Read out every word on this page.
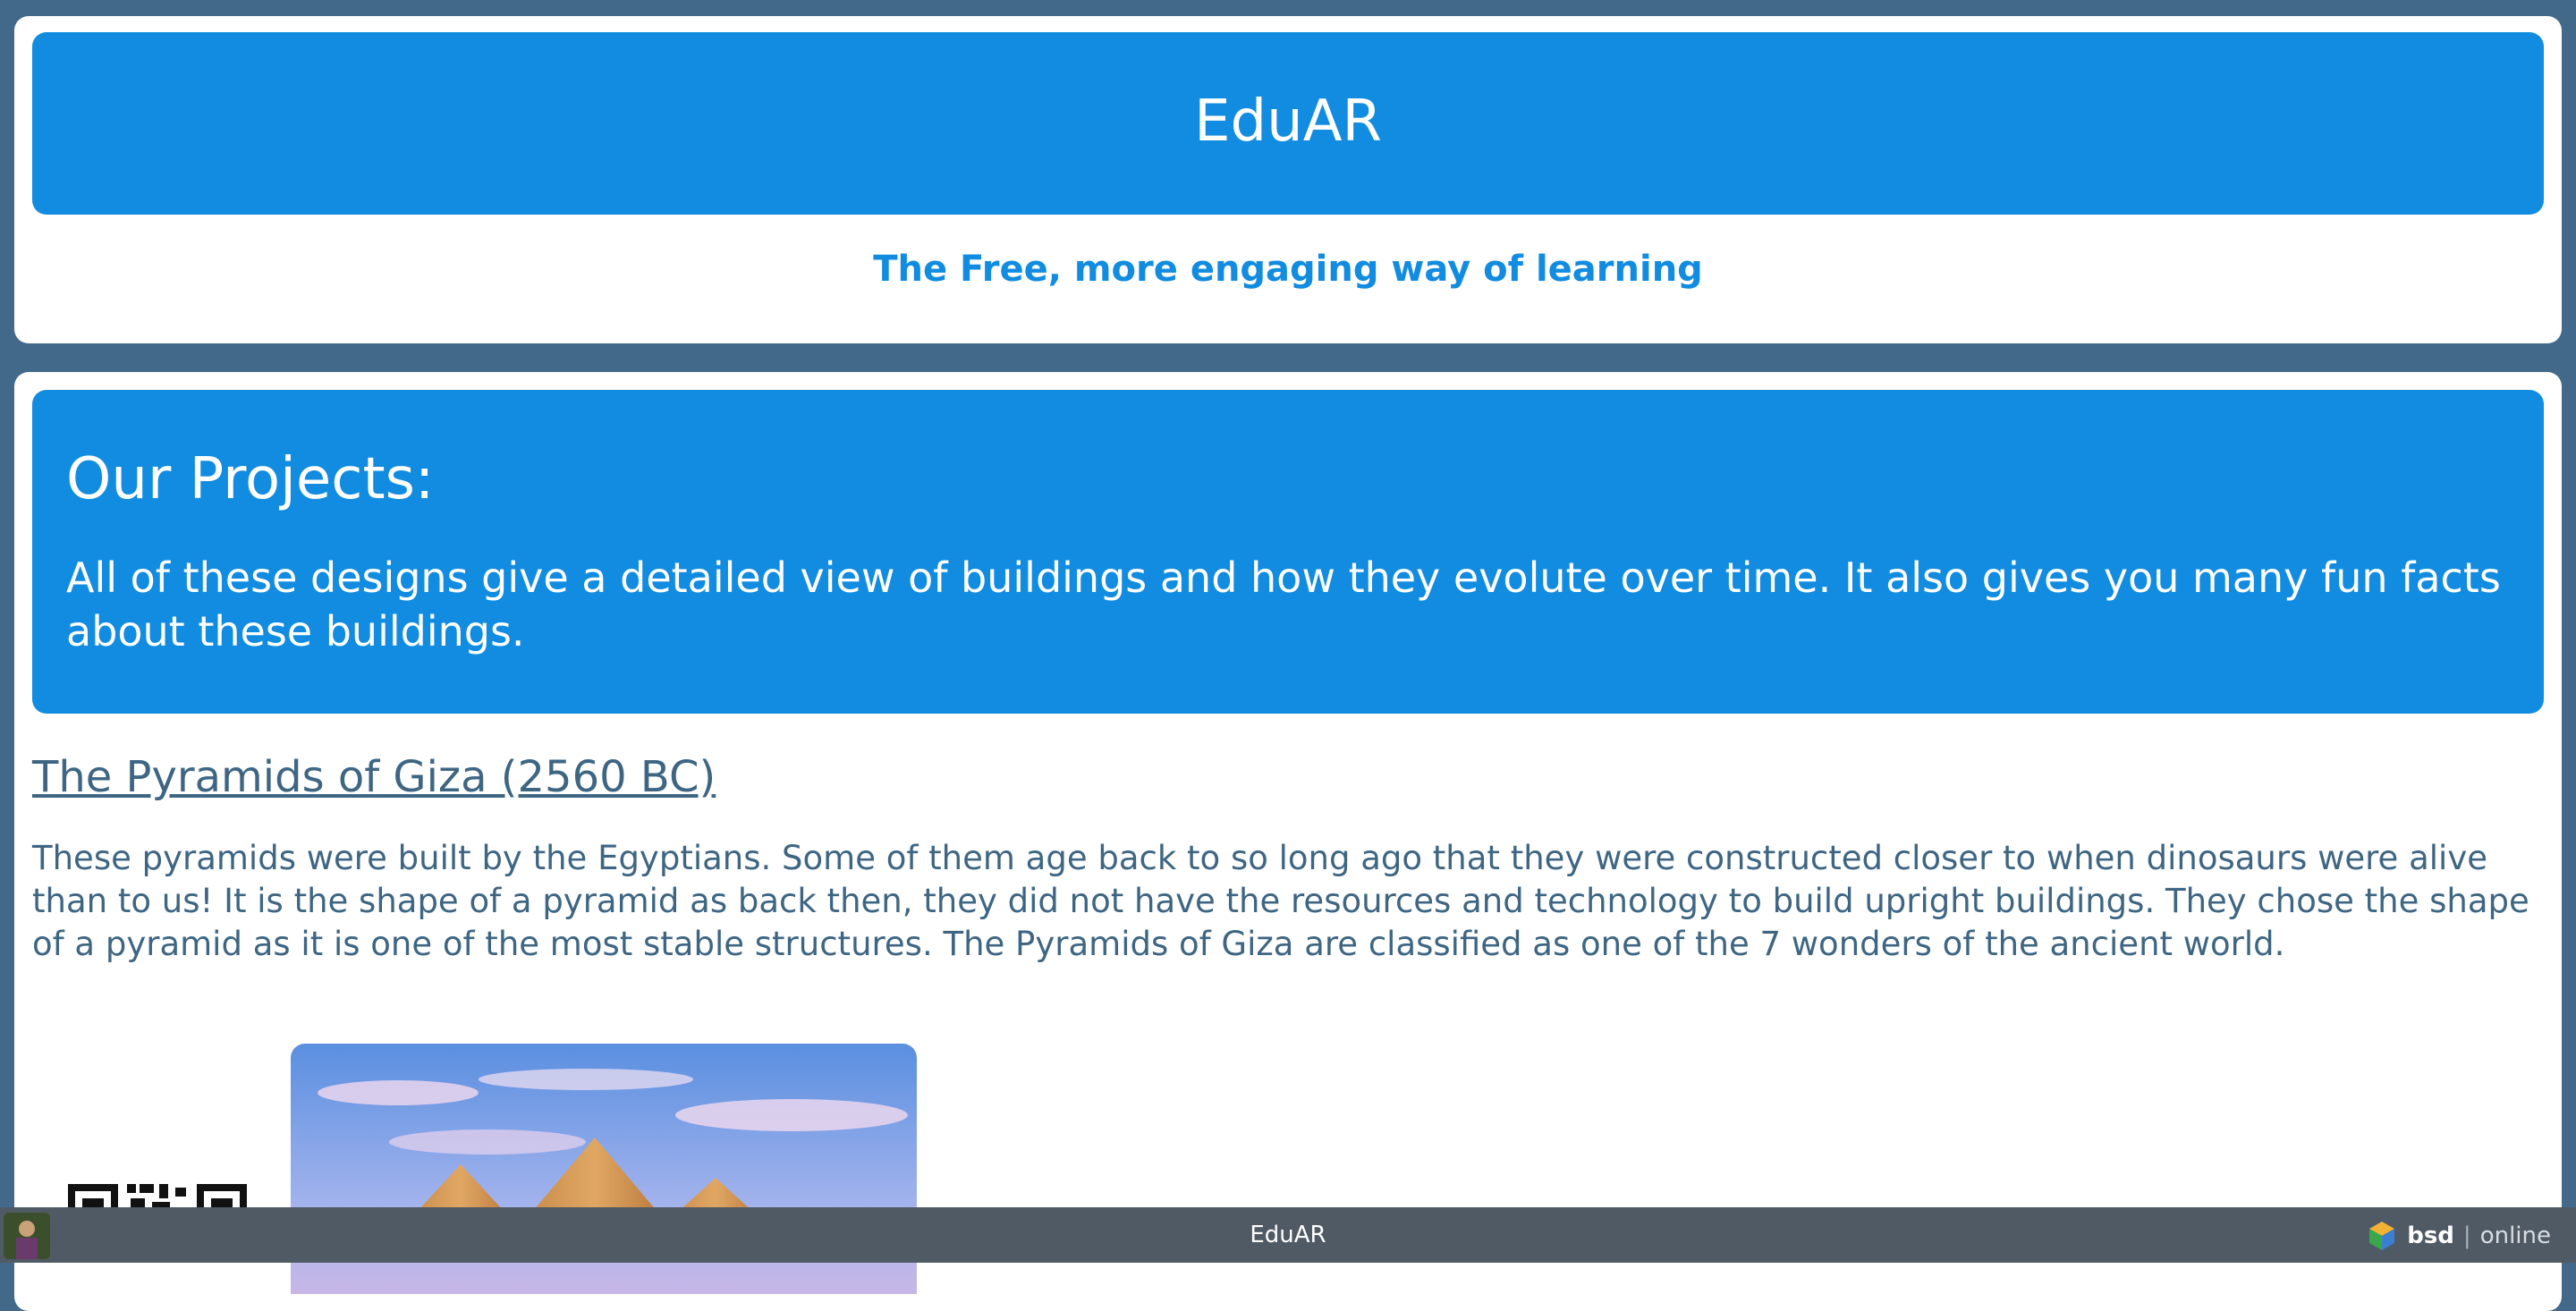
EduAR

The Free, more engaging way of learning

Our Projects:

All of these designs give a detailed view of buildings and how they evolute over time. It also gives you many fun facts about these buildings.

The Pyramids of Giza (2560 BC)

These pyramids were built by the Egyptians. Some of them age back to so long ago that they were constructed closer to when dinosaurs were alive than to us! It is the shape of a pyramid as back then, they did not have the resources and technology to build upright buildings. They chose the shape of a pyramid as it is one of the most stable structures. The Pyramids of Giza are classified as one of the 7 wonders of the ancient world.

EduAR	bsd | online
